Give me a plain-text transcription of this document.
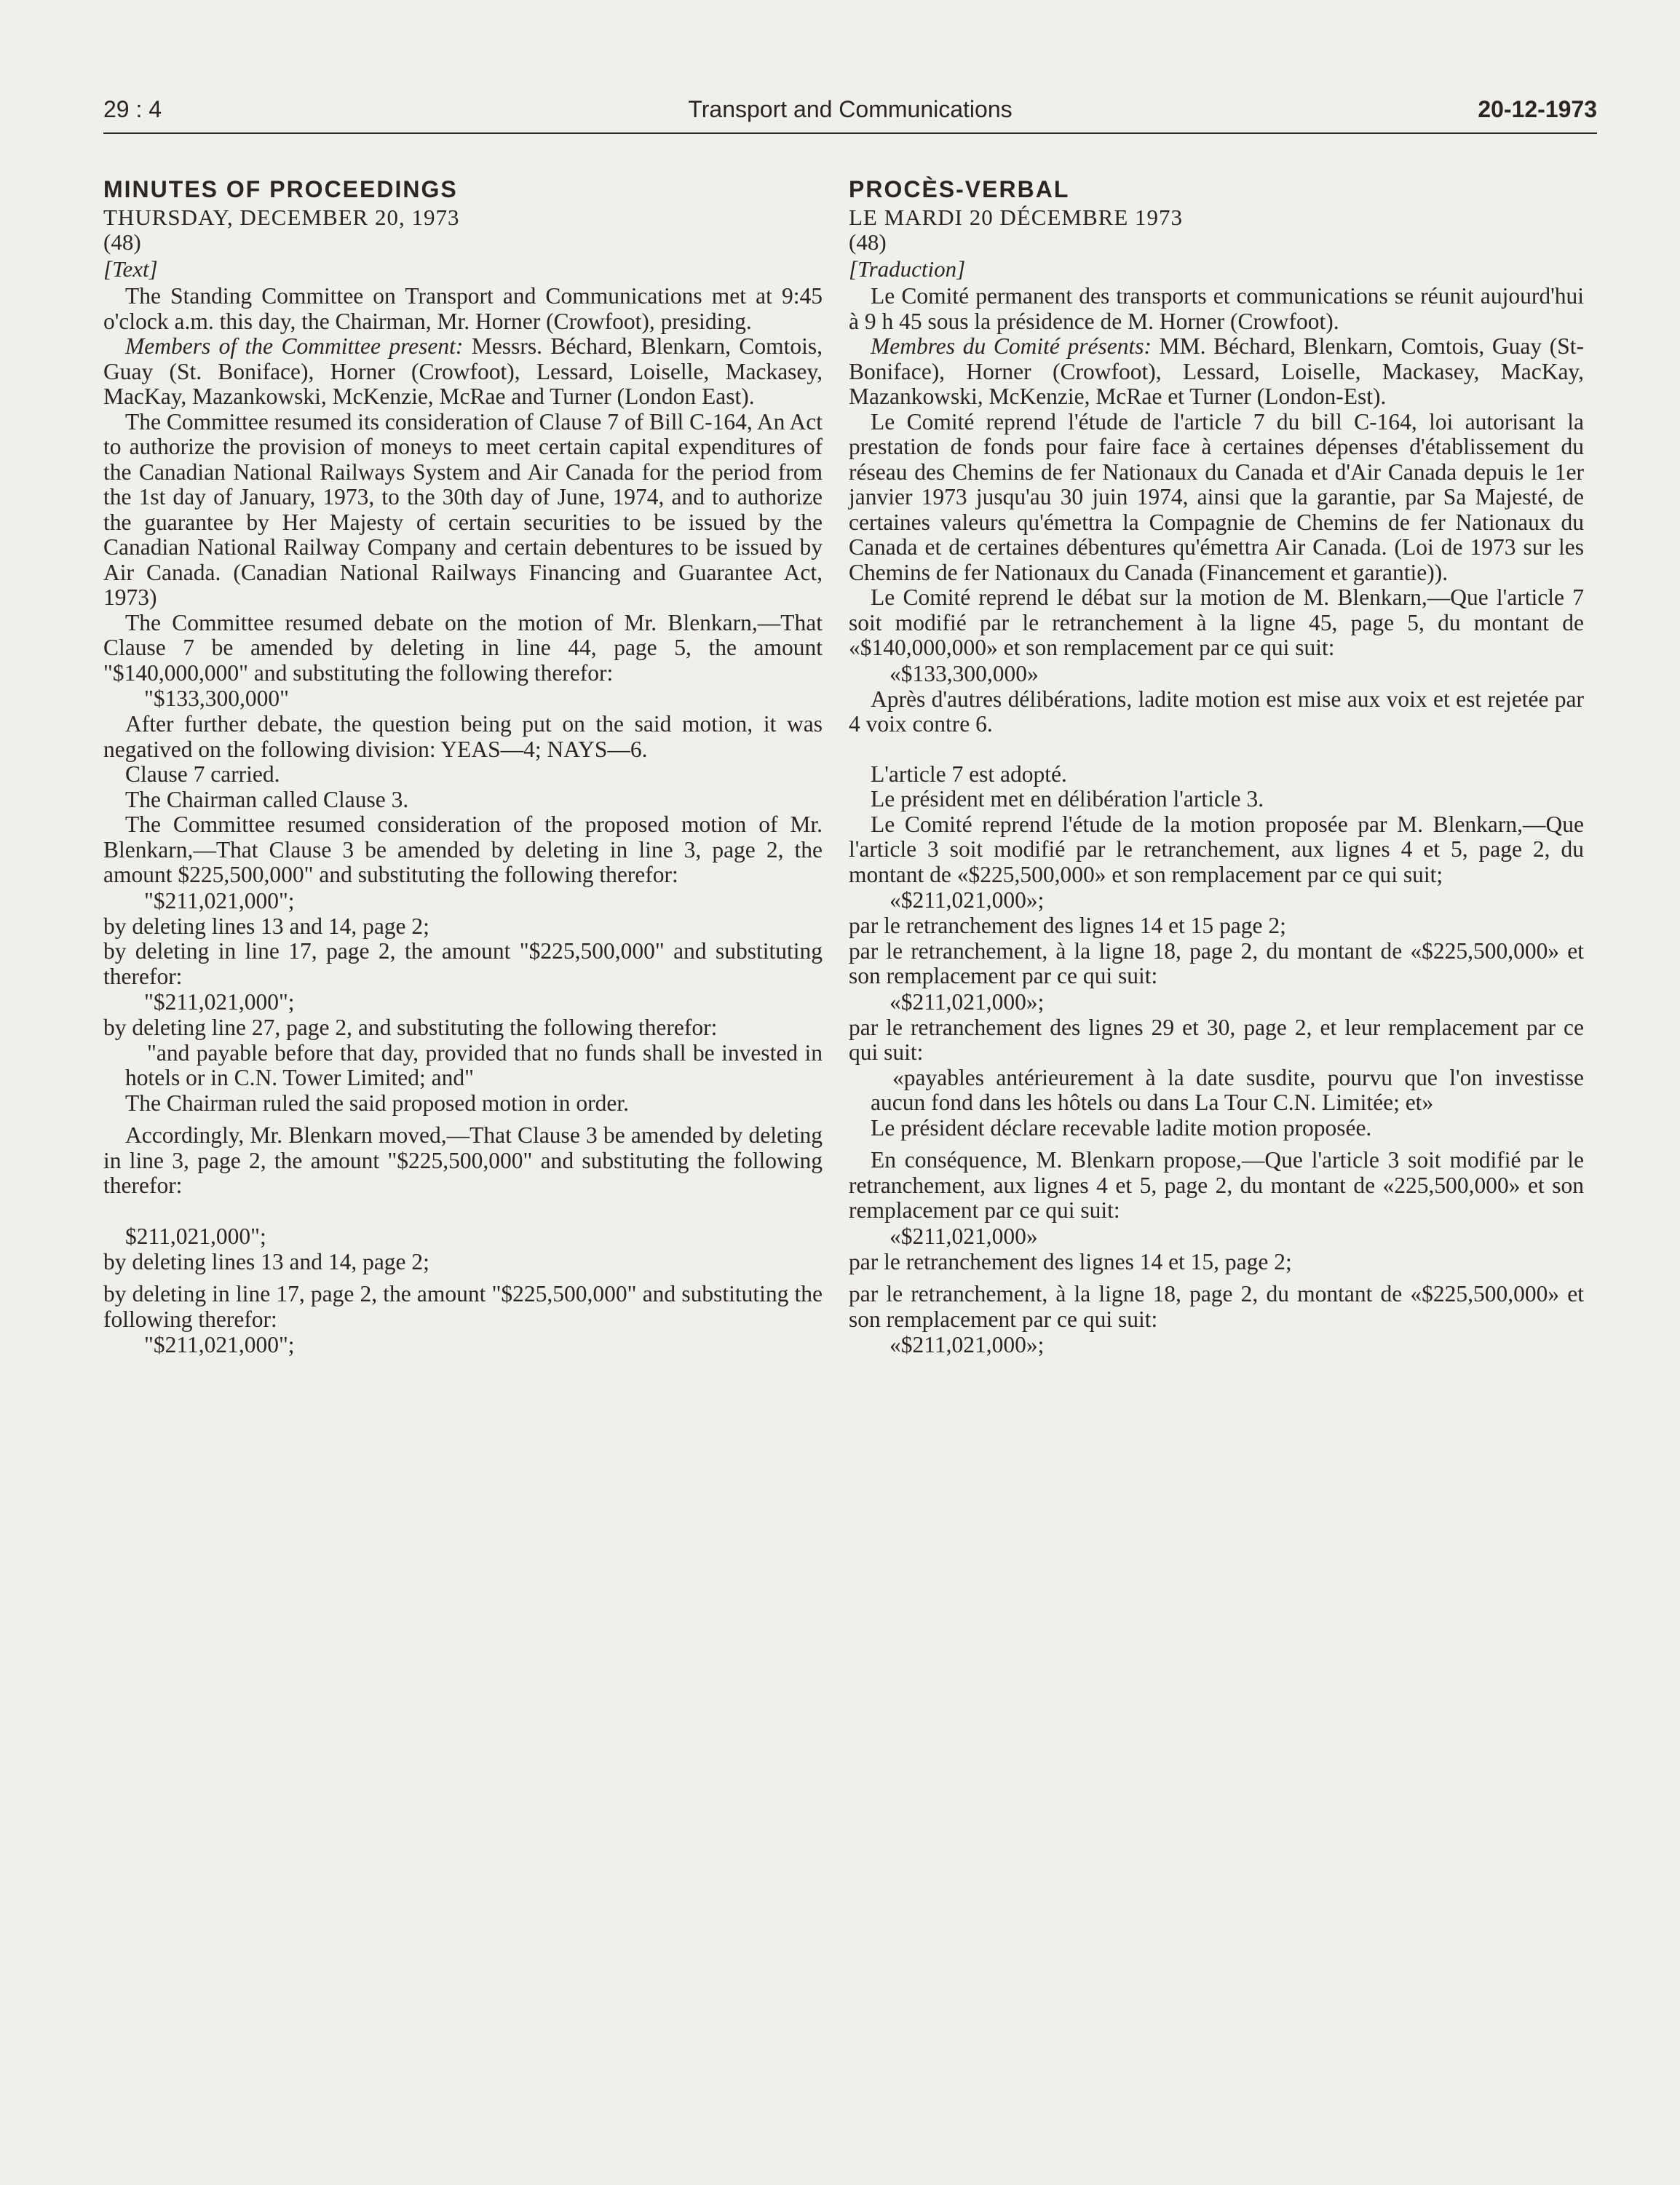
29 : 4	Transport and Communications	20-12-1973
MINUTES OF PROCEEDINGS
THURSDAY, DECEMBER 20, 1973
(48)
[Text]

The Standing Committee on Transport and Communications met at 9:45 o'clock a.m. this day, the Chairman, Mr. Horner (Crowfoot), presiding.

Members of the Committee present: Messrs. Béchard, Blenkarn, Comtois, Guay (St. Boniface), Horner (Crowfoot), Lessard, Loiselle, Mackasey, MacKay, Mazankowski, McKenzie, McRae and Turner (London East).

The Committee resumed its consideration of Clause 7 of Bill C-164, An Act to authorize the provision of moneys to meet certain capital expenditures of the Canadian National Railways System and Air Canada for the period from the 1st day of January, 1973, to the 30th day of June, 1974, and to authorize the guarantee by Her Majesty of certain securities to be issued by the Canadian National Railway Company and certain debentures to be issued by Air Canada. (Canadian National Railways Financing and Guarantee Act, 1973)

The Committee resumed debate on the motion of Mr. Blenkarn,—That Clause 7 be amended by deleting in line 44, page 5, the amount "$140,000,000" and substituting the following therefor:

"$133,300,000"

After further debate, the question being put on the said motion, it was negatived on the following division: YEAS—4; NAYS—6.

Clause 7 carried.

The Chairman called Clause 3.

The Committee resumed consideration of the proposed motion of Mr. Blenkarn,—That Clause 3 be amended by deleting in line 3, page 2, the amount $225,500,000" and substituting the following therefor:

"$211,021,000";
by deleting lines 13 and 14, page 2;
by deleting in line 17, page 2, the amount "$225,500,000" and substituting therefor:
"$211,021,000";
by deleting line 27, page 2, and substituting the following therefor:
"and payable before that day, provided that no funds shall be invested in hotels or in C.N. Tower Limited; and"

The Chairman ruled the said proposed motion in order.

Accordingly, Mr. Blenkarn moved,—That Clause 3 be amended by deleting in line 3, page 2, the amount "$225,500,000" and substituting the following therefor:

$211,021,000";
by deleting lines 13 and 14, page 2;
by deleting in line 17, page 2, the amount "$225,500,000" and substituting the following therefor:
"$211,021,000";
PROCÈS-VERBAL
LE MARDI 20 DÉCEMBRE 1973
(48)
[Traduction]

Le Comité permanent des transports et communications se réunit aujourd'hui à 9 h 45 sous la présidence de M. Horner (Crowfoot).

Membres du Comité présents: MM. Béchard, Blenkarn, Comtois, Guay (St-Boniface), Horner (Crowfoot), Lessard, Loiselle, Mackasey, MacKay, Mazankowski, McKenzie, McRae et Turner (London-Est).

Le Comité reprend l'étude de l'article 7 du bill C-164, loi autorisant la prestation de fonds pour faire face à certaines dépenses d'établissement du réseau des Chemins de fer Nationaux du Canada et d'Air Canada depuis le 1er janvier 1973 jusqu'au 30 juin 1974, ainsi que la garantie, par Sa Majesté, de certaines valeurs qu'émettra la Compagnie de Chemins de fer Nationaux du Canada et de certaines débentures qu'émettra Air Canada. (Loi de 1973 sur les Chemins de fer Nationaux du Canada (Financement et garantie)).

Le Comité reprend le débat sur la motion de M. Blenkarn,—Que l'article 7 soit modifié par le retranchement à la ligne 45, page 5, du montant de «$140,000,000» et son remplacement par ce qui suit:

«$133,300,000»

Après d'autres délibérations, ladite motion est mise aux voix et est rejetée par 4 voix contre 6.

L'article 7 est adopté.

Le président met en délibération l'article 3.

Le Comité reprend l'étude de la motion proposée par M. Blenkarn,—Que l'article 3 soit modifié par le retranchement, aux lignes 4 et 5, page 2, du montant de «$225,500,000» et son remplacement par ce qui suit;

«$211,021,000»;
par le retranchement des lignes 14 et 15 page 2;
par le retranchement, à la ligne 18, page 2, du montant de «$225,500,000» et son remplacement par ce qui suit:
«$211,021,000»;
par le retranchement des lignes 29 et 30, page 2, et leur remplacement par ce qui suit:
«payables antérieurement à la date susdite, pourvu que l'on investisse aucun fond dans les hôtels ou dans La Tour C.N. Limitée; et»

Le président déclare recevable ladite motion proposée.

En conséquence, M. Blenkarn propose,—Que l'article 3 soit modifié par le retranchement, aux lignes 4 et 5, page 2, du montant de «225,500,000» et son remplacement par ce qui suit:

«$211,021,000»
par le retranchement des lignes 14 et 15, page 2;
par le retranchement, à la ligne 18, page 2, du montant de «$225,500,000» et son remplacement par ce qui suit:
«$211,021,000»;
